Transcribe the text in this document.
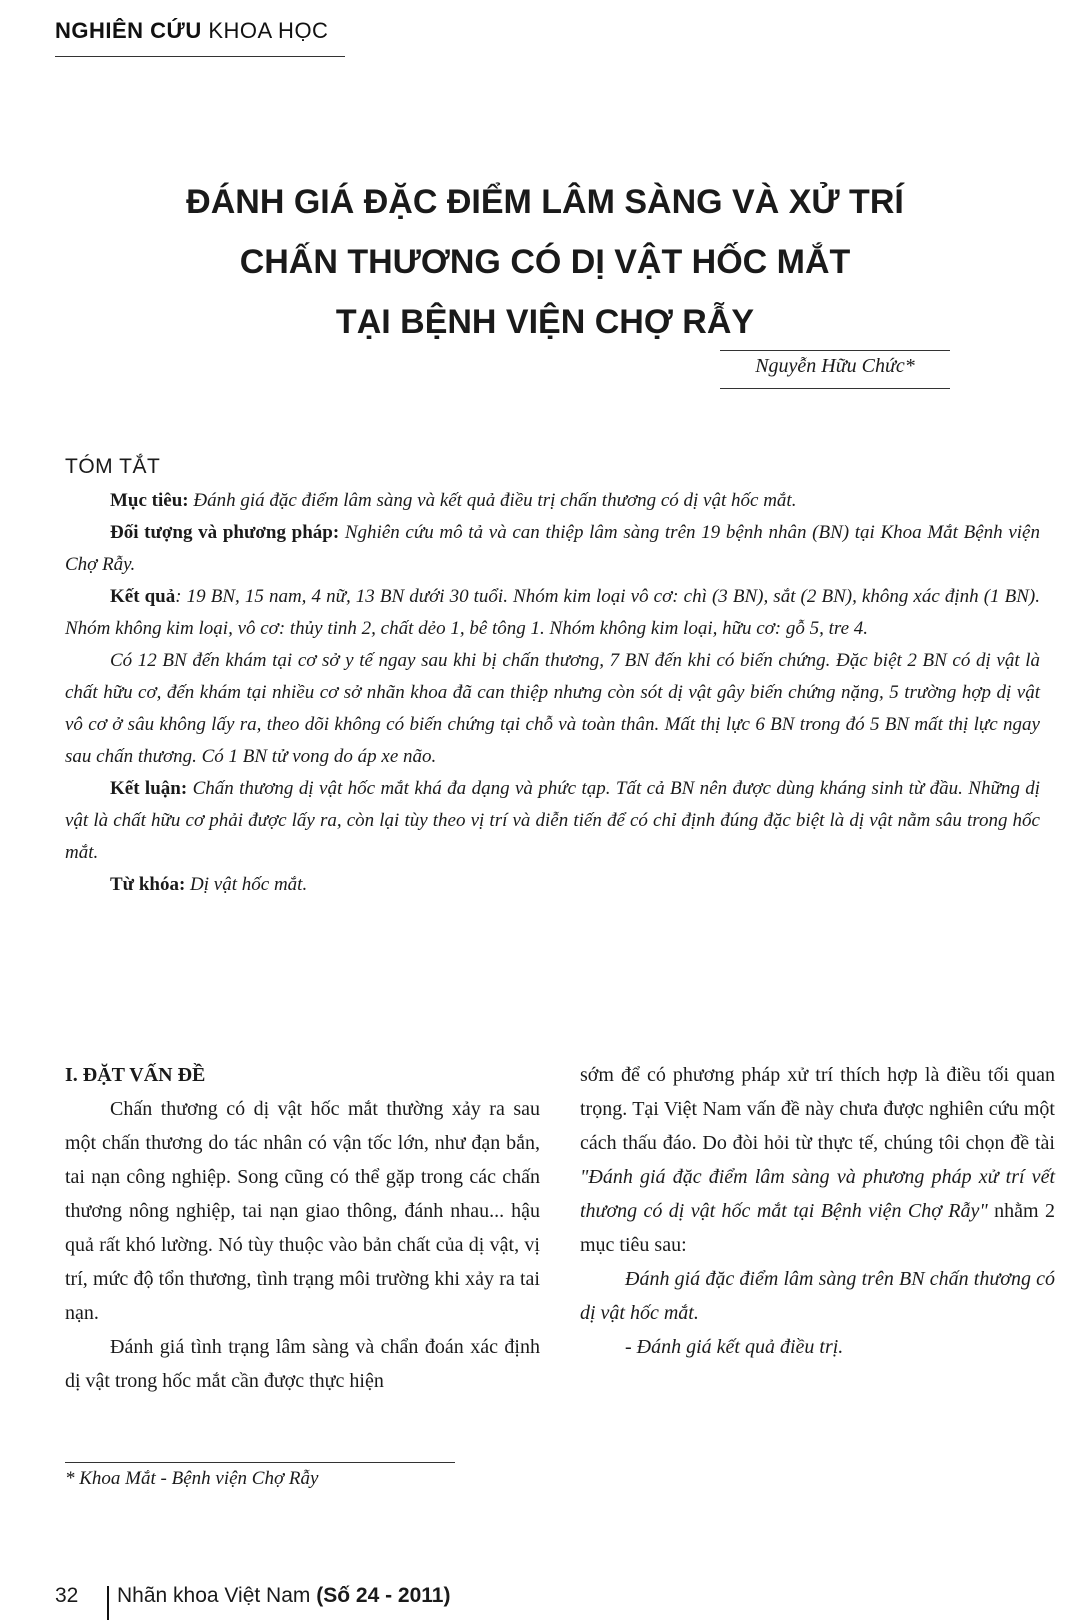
NGHIÊN CỨU KHOA HỌC
ĐÁNH GIÁ ĐẶC ĐIỂM LÂM SÀNG VÀ XỬ TRÍ
CHẤN THƯƠNG CÓ DỊ VẬT HỐC MẮT
TẠI BỆNH VIỆN CHỢ RẪY
Nguyễn Hữu Chức*
TÓM TẮT

Mục tiêu: Đánh giá đặc điểm lâm sàng và kết quả điều trị chấn thương có dị vật hốc mắt.

Đối tượng và phương pháp: Nghiên cứu mô tả và can thiệp lâm sàng trên 19 bệnh nhân (BN) tại Khoa Mắt Bệnh viện Chợ Rẫy.

Kết quả: 19 BN, 15 nam, 4 nữ, 13 BN dưới 30 tuổi. Nhóm kim loại vô cơ: chì (3 BN), sắt (2 BN), không xác định (1 BN). Nhóm không kim loại, vô cơ: thủy tinh 2, chất dẻo 1, bê tông 1. Nhóm không kim loại, hữu cơ: gỗ 5, tre 4.

Có 12 BN đến khám tại cơ sở y tế ngay sau khi bị chấn thương, 7 BN đến khi có biến chứng. Đặc biệt 2 BN có dị vật là chất hữu cơ, đến khám tại nhiều cơ sở nhãn khoa đã can thiệp nhưng còn sót dị vật gây biến chứng nặng, 5 trường hợp dị vật vô cơ ở sâu không lấy ra, theo dõi không có biến chứng tại chỗ và toàn thân. Mất thị lực 6 BN trong đó 5 BN mất thị lực ngay sau chấn thương. Có 1 BN tử vong do áp xe não.

Kết luận: Chấn thương dị vật hốc mắt khá đa dạng và phức tạp. Tất cả BN nên được dùng kháng sinh từ đầu. Những dị vật là chất hữu cơ phải được lấy ra, còn lại tùy theo vị trí và diễn tiến để có chỉ định đúng đặc biệt là dị vật nằm sâu trong hốc mắt.

Từ khóa: Dị vật hốc mắt.

I. ĐẶT VẤN ĐỀ

Chấn thương có dị vật hốc mắt thường xảy ra sau một chấn thương do tác nhân có vận tốc lớn, như đạn bắn, tai nạn công nghiệp. Song cũng có thể gặp trong các chấn thương nông nghiệp, tai nạn giao thông, đánh nhau... hậu quả rất khó lường. Nó tùy thuộc vào bản chất của dị vật, vị trí, mức độ tổn thương, tình trạng môi trường khi xảy ra tai nạn.

Đánh giá tình trạng lâm sàng và chẩn đoán xác định dị vật trong hốc mắt cần được thực hiện

sớm để có phương pháp xử trí thích hợp là điều tối quan trọng. Tại Việt Nam vấn đề này chưa được nghiên cứu một cách thấu đáo. Do đòi hỏi từ thực tế, chúng tôi chọn đề tài "Đánh giá đặc điểm lâm sàng và phương pháp xử trí vết thương có dị vật hốc mắt tại Bệnh viện Chợ Rẫy" nhằm 2 mục tiêu sau:

Đánh giá đặc điểm lâm sàng trên BN chấn thương có dị vật hốc mắt.

- Đánh giá kết quả điều trị.

* Khoa Mắt - Bệnh viện Chợ Rẫy
32 Nhãn khoa Việt Nam (Số 24 - 2011)
